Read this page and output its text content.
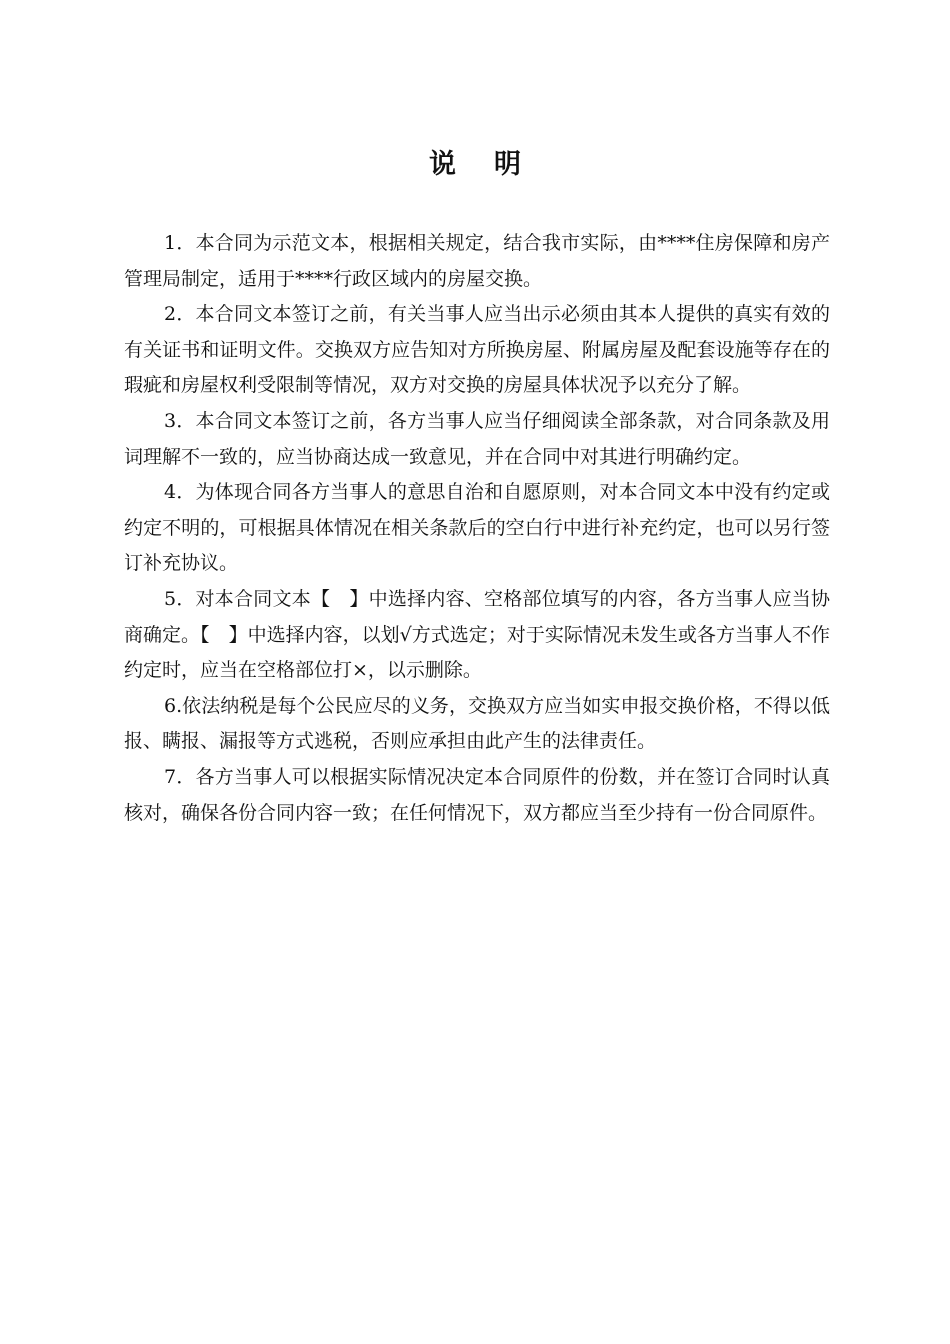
说明

1．本合同为示范文本，根据相关规定，结合我市实际，由****住房保障和房产管理局制定，适用于****行政区域内的房屋交换。

2．本合同文本签订之前，有关当事人应当出示必须由其本人提供的真实有效的有关证书和证明文件。交换双方应告知对方所换房屋、附属房屋及配套设施等存在的瑕疵和房屋权利受限制等情况，双方对交换的房屋具体状况予以充分了解。

3．本合同文本签订之前，各方当事人应当仔细阅读全部条款，对合同条款及用词理解不一致的，应当协商达成一致意见，并在合同中对其进行明确约定。

4．为体现合同各方当事人的意思自治和自愿原则，对本合同文本中没有约定或约定不明的，可根据具体情况在相关条款后的空白行中进行补充约定，也可以另行签订补充协议。

5．对本合同文本【　】中选择内容、空格部位填写的内容，各方当事人应当协商确定。【　】中选择内容，以划√方式选定；对于实际情况未发生或各方当事人不作约定时，应当在空格部位打×，以示删除。

6.依法纳税是每个公民应尽的义务，交换双方应当如实申报交换价格，不得以低报、瞒报、漏报等方式逃税，否则应承担由此产生的法律责任。

7．各方当事人可以根据实际情况决定本合同原件的份数，并在签订合同时认真核对，确保各份合同内容一致；在任何情况下，双方都应当至少持有一份合同原件。
